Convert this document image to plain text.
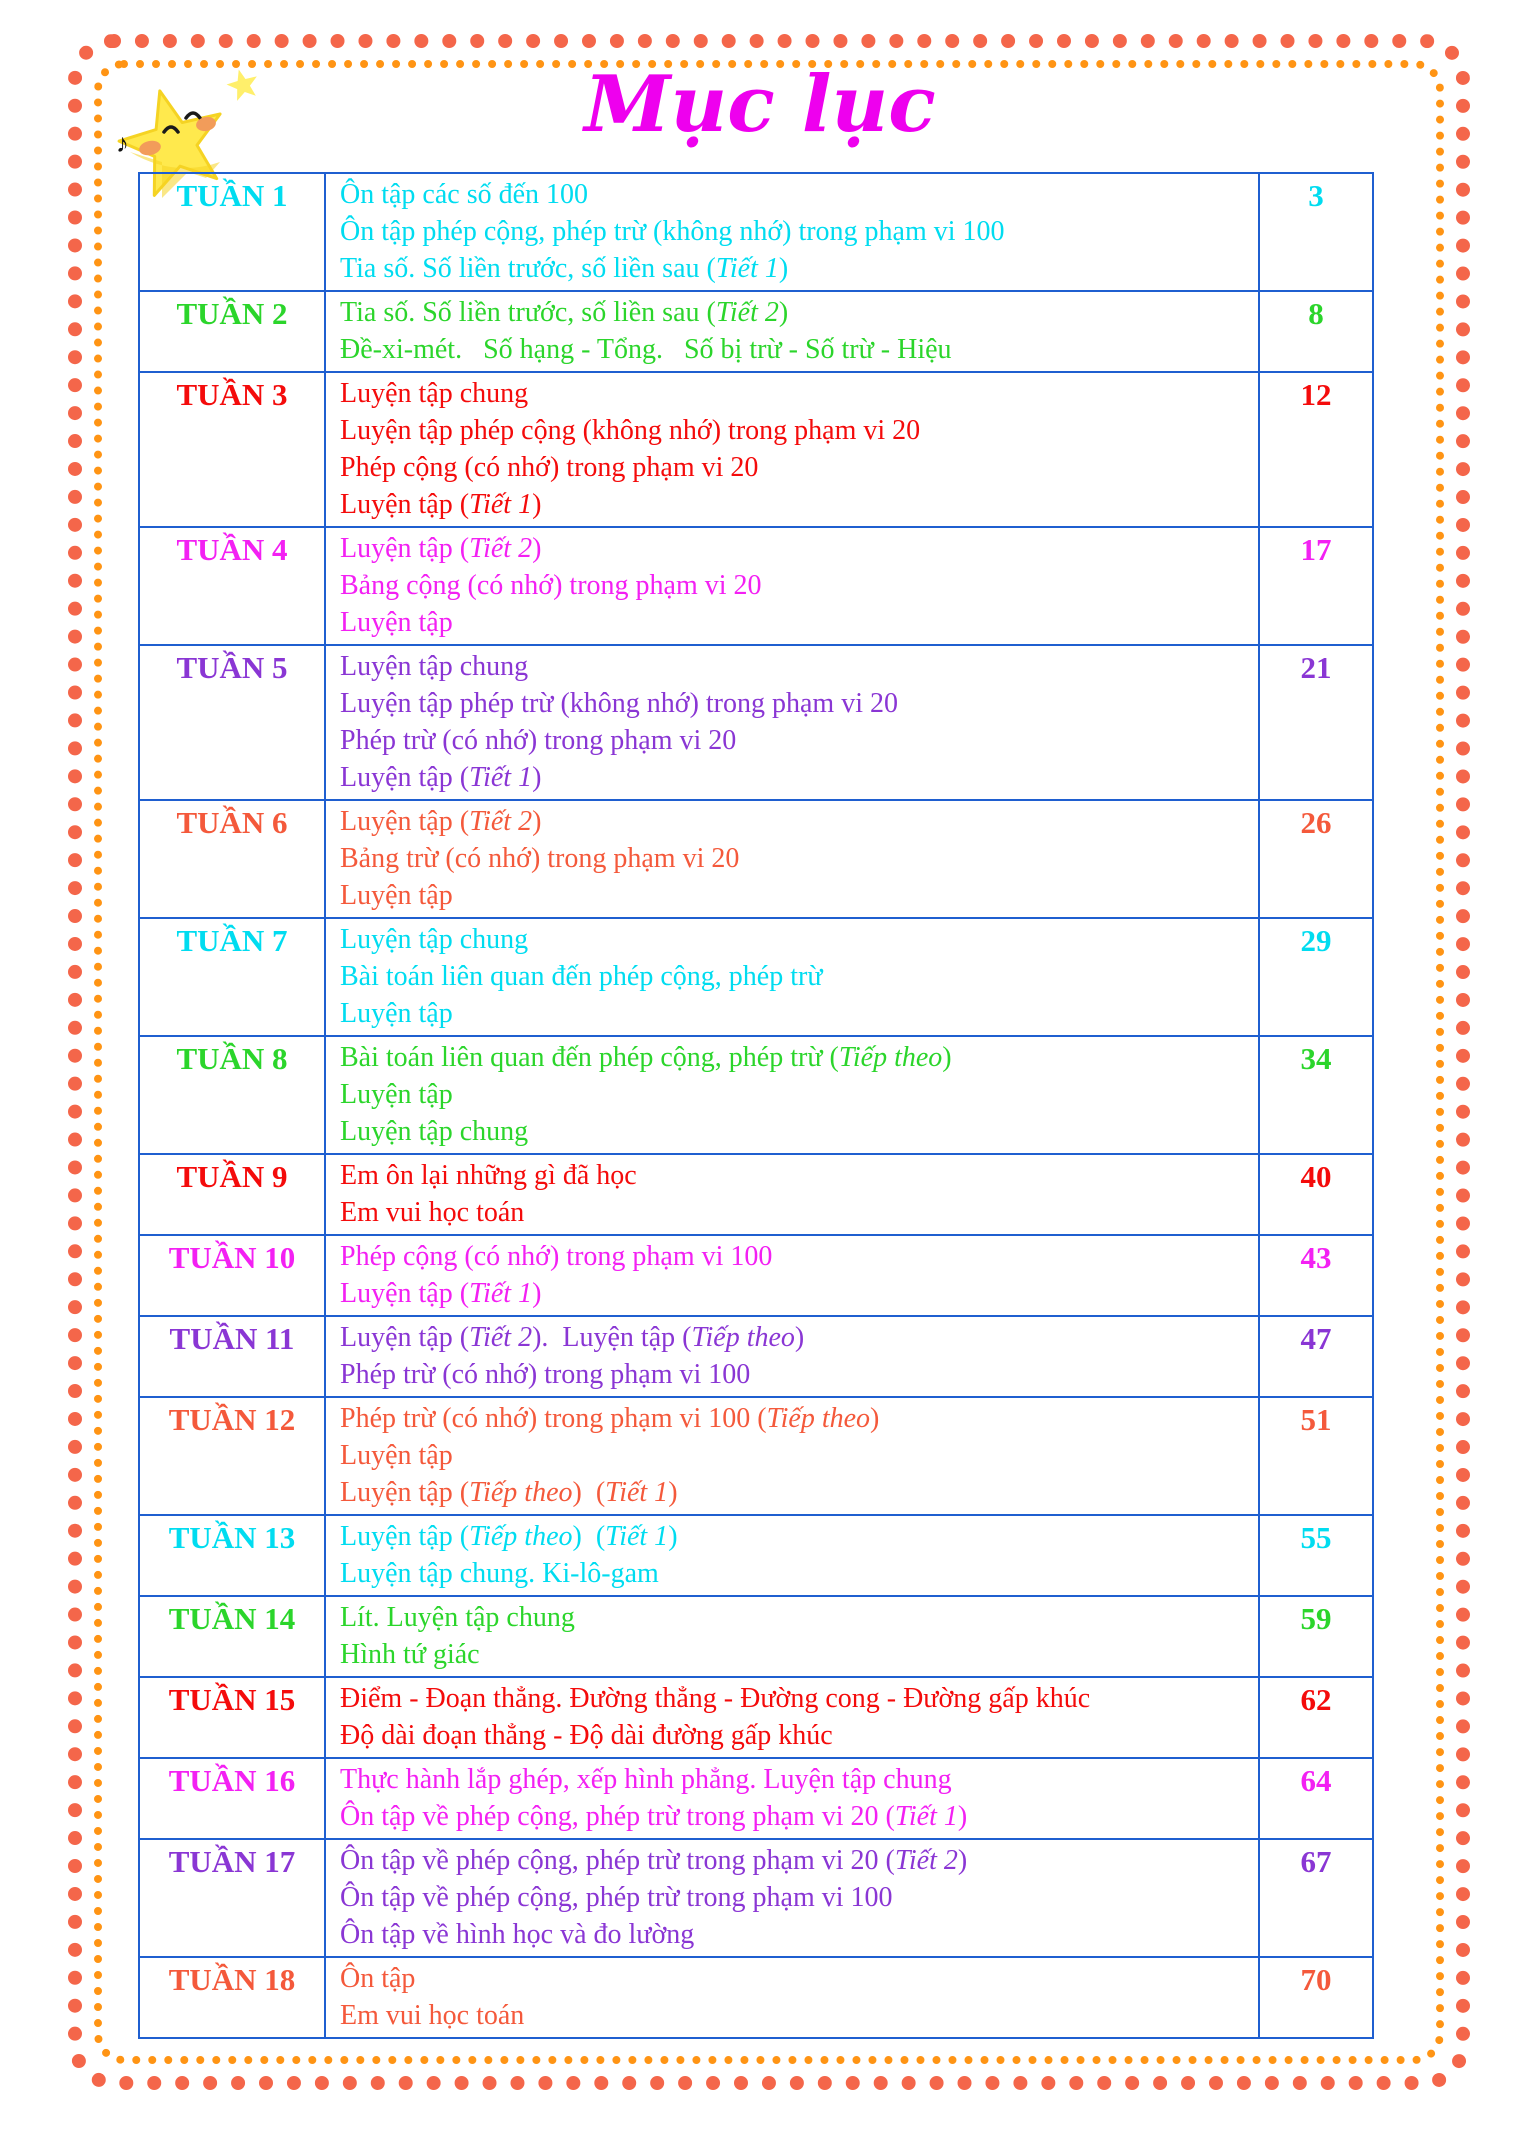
♪	Mục lục
TUẦN 1	Ôn tập các số đến 100
Ôn tập phép cộng, phép trừ (không nhớ) trong phạm vi 100
Tia số. Số liền trước, số liền sau (Tiết 1)	3
TUẦN 2	Tia số. Số liền trước, số liền sau (Tiết 2)
Đề-xi-mét.   Số hạng - Tổng.   Số bị trừ - Số trừ - Hiệu	8
TUẦN 3	Luyện tập chung
Luyện tập phép cộng (không nhớ) trong phạm vi 20
Phép cộng (có nhớ) trong phạm vi 20
Luyện tập (Tiết 1)	12
TUẦN 4	Luyện tập (Tiết 2)
Bảng cộng (có nhớ) trong phạm vi 20
Luyện tập	17
TUẦN 5	Luyện tập chung
Luyện tập phép trừ (không nhớ) trong phạm vi 20
Phép trừ (có nhớ) trong phạm vi 20
Luyện tập (Tiết 1)	21
TUẦN 6	Luyện tập (Tiết 2)
Bảng trừ (có nhớ) trong phạm vi 20
Luyện tập	26
TUẦN 7	Luyện tập chung
Bài toán liên quan đến phép cộng, phép trừ
Luyện tập	29
TUẦN 8	Bài toán liên quan đến phép cộng, phép trừ (Tiếp theo)
Luyện tập
Luyện tập chung	34
TUẦN 9	Em ôn lại những gì đã học
Em vui học toán	40
TUẦN 10	Phép cộng (có nhớ) trong phạm vi 100
Luyện tập (Tiết 1)	43
TUẦN 11	Luyện tập (Tiết 2).  Luyện tập (Tiếp theo)
Phép trừ (có nhớ) trong phạm vi 100	47
TUẦN 12	Phép trừ (có nhớ) trong phạm vi 100 (Tiếp theo)
Luyện tập
Luyện tập (Tiếp theo)  (Tiết 1)	51
TUẦN 13	Luyện tập (Tiếp theo)  (Tiết 1)
Luyện tập chung. Ki-lô-gam	55
TUẦN 14	Lít. Luyện tập chung
Hình tứ giác	59
TUẦN 15	Điểm - Đoạn thẳng. Đường thẳng - Đường cong - Đường gấp khúc
Độ dài đoạn thẳng - Độ dài đường gấp khúc	62
TUẦN 16	Thực hành lắp ghép, xếp hình phẳng. Luyện tập chung
Ôn tập về phép cộng, phép trừ trong phạm vi 20 (Tiết 1)	64
TUẦN 17	Ôn tập về phép cộng, phép trừ trong phạm vi 20 (Tiết 2)
Ôn tập về phép cộng, phép trừ trong phạm vi 100
Ôn tập về hình học và đo lường	67
TUẦN 18	Ôn tập
Em vui học toán	70
